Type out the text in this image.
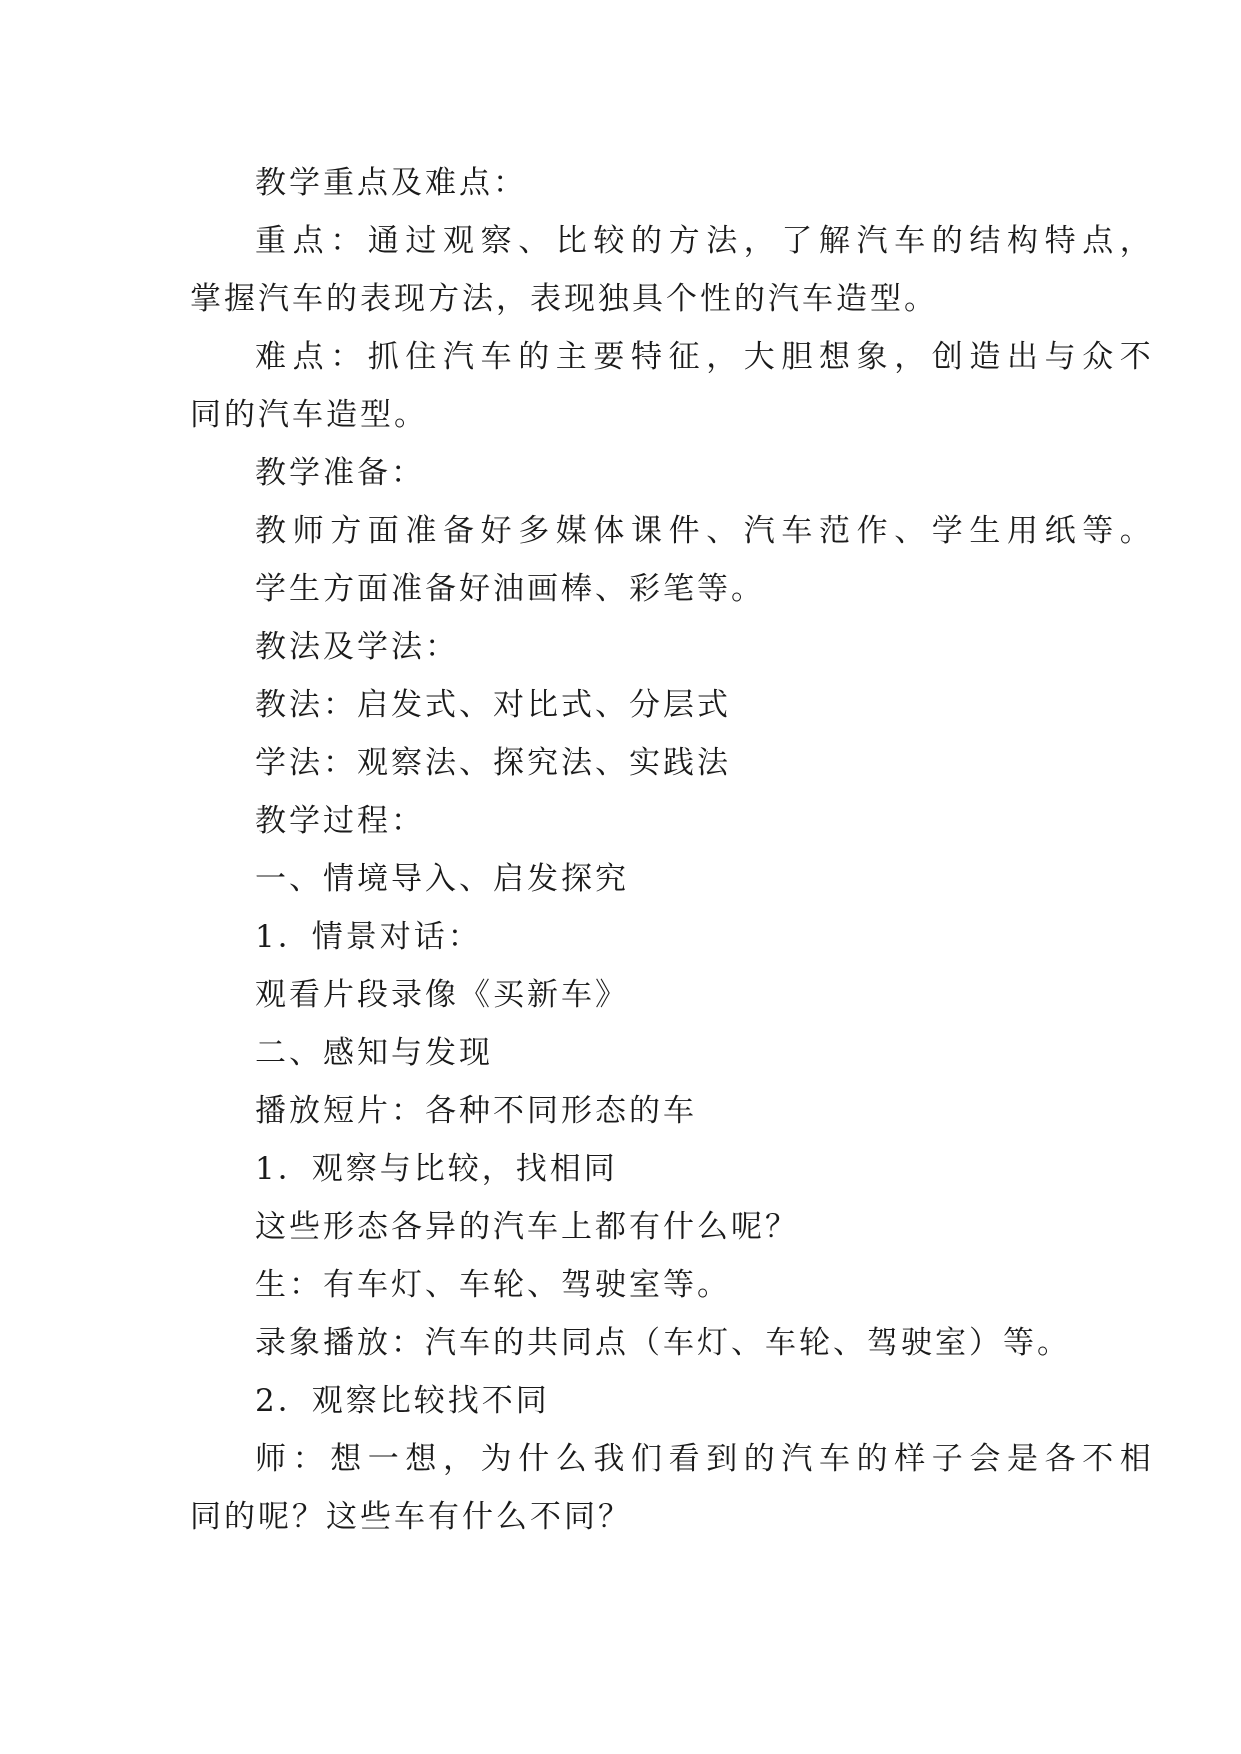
教学重点及难点：
重点：通过观察、比较的方法，了解汽车的结构特点，
掌握汽车的表现方法，表现独具个性的汽车造型。
难点：抓住汽车的主要特征，大胆想象，创造出与众不
同的汽车造型。
教学准备：
教师方面准备好多媒体课件、汽车范作、学生用纸等。
学生方面准备好油画棒、彩笔等。
教法及学法：
教法：启发式、对比式、分层式
学法：观察法、探究法、实践法
教学过程：
一、情境导入、启发探究
1．情景对话：
观看片段录像《买新车》
二、感知与发现
播放短片：各种不同形态的车
1．观察与比较，找相同
这些形态各异的汽车上都有什么呢？
生：有车灯、车轮、驾驶室等。
录象播放：汽车的共同点（车灯、车轮、驾驶室）等。
2．观察比较找不同
师：想一想，为什么我们看到的汽车的样子会是各不相
同的呢？这些车有什么不同？
